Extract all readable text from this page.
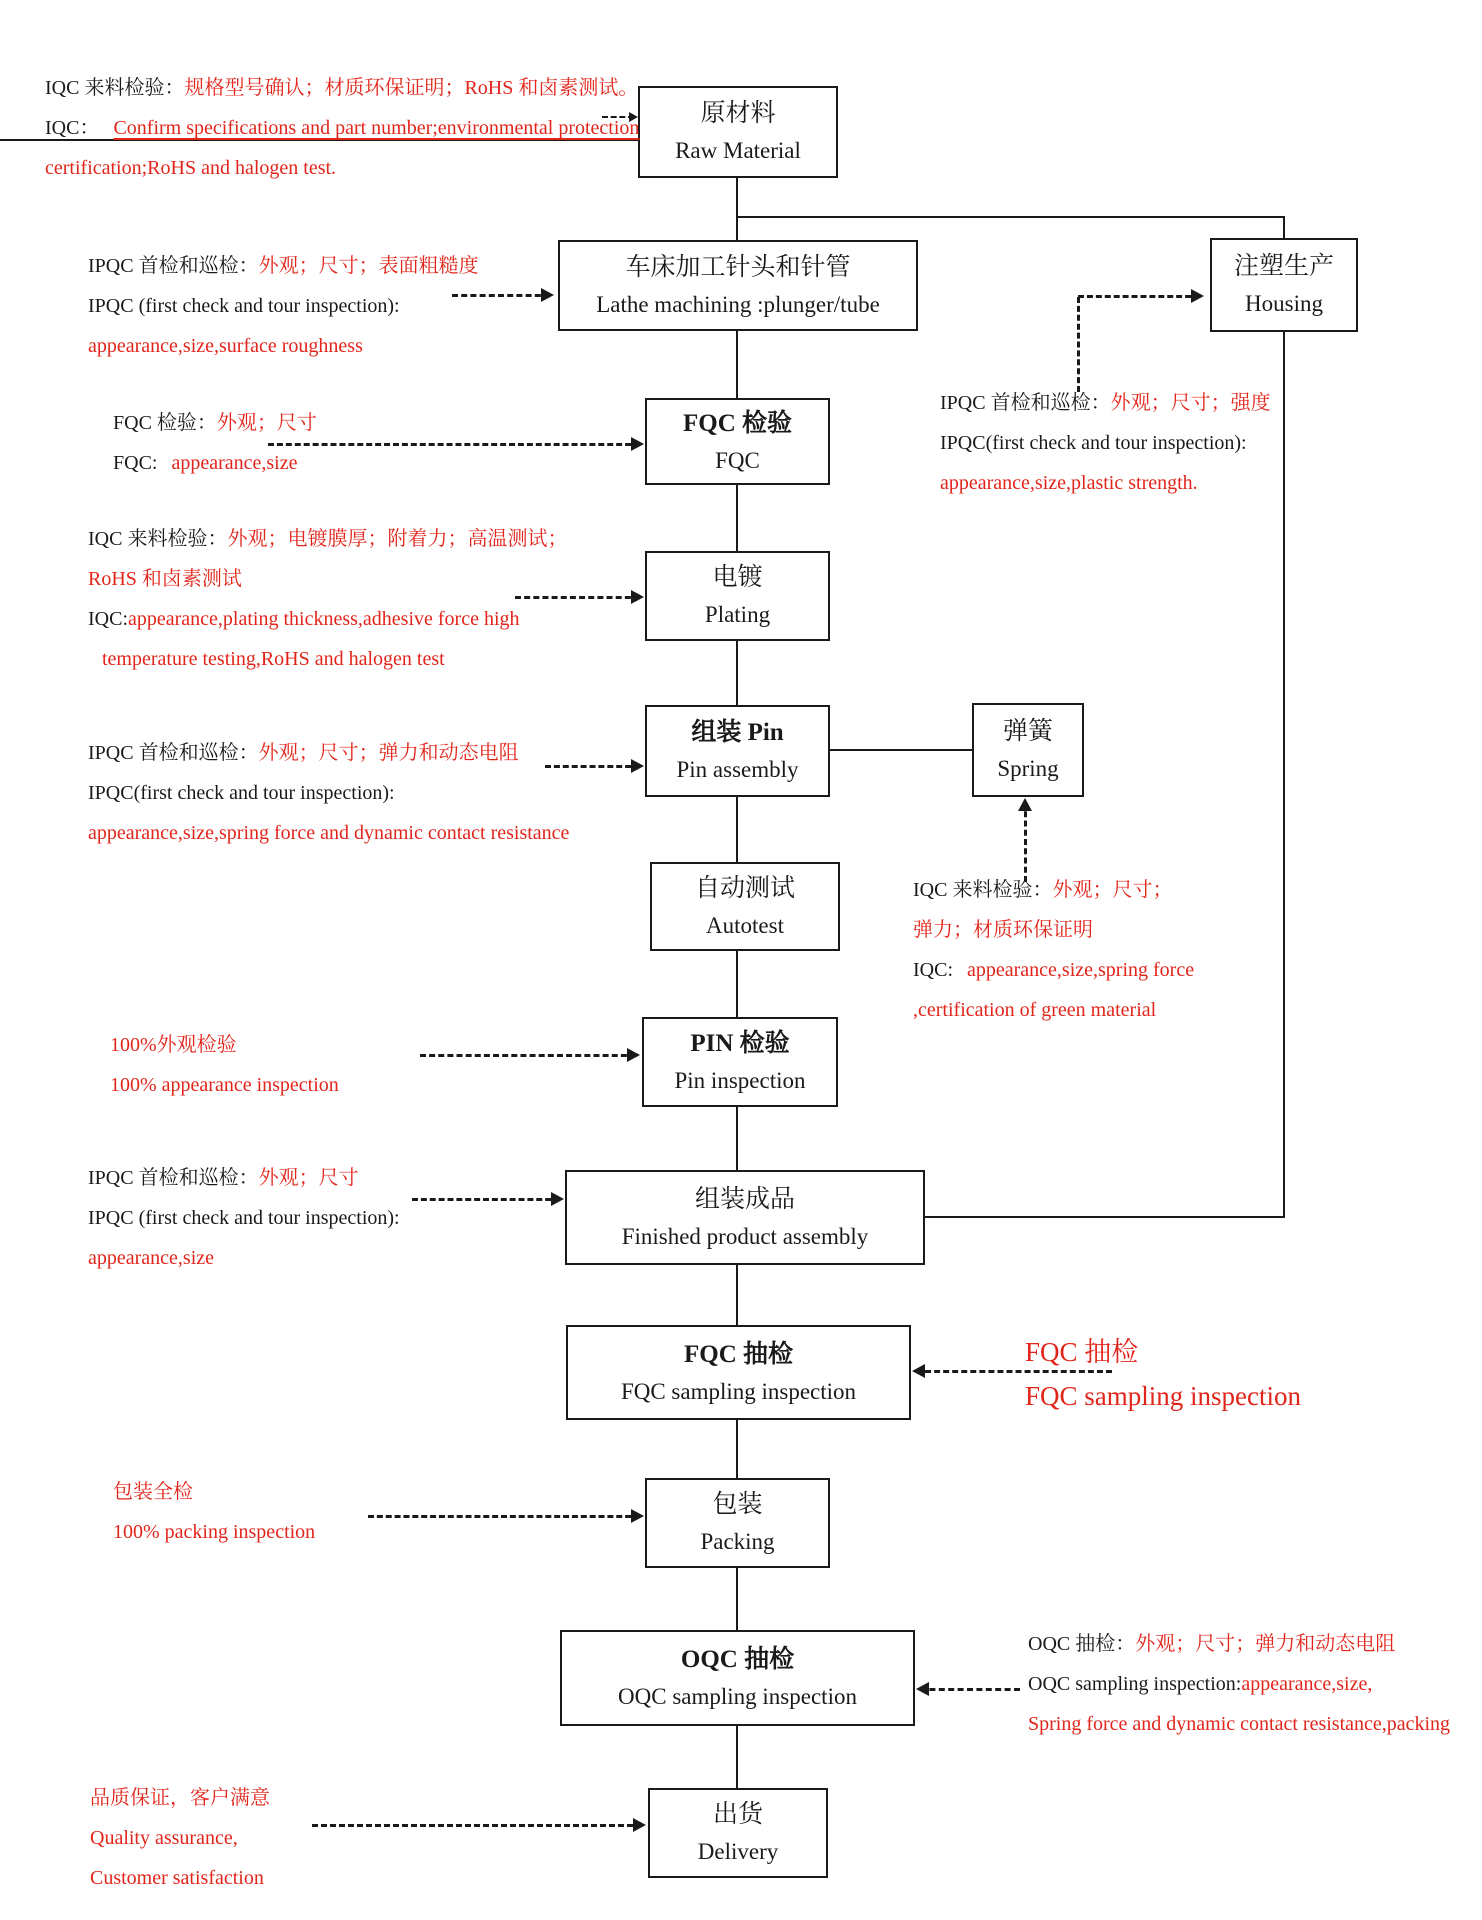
原材料
Raw Material
车床加工针头和针管
Lathe machining :plunger/tube
注塑生产
Housing
FQC 检验
FQC
电镀
Plating
组装 Pin
Pin assembly
弹簧
Spring
自动测试
Autotest
PIN 检验
Pin inspection
组装成品
Finished product assembly
FQC 抽检
FQC sampling inspection
包装
Packing
OQC 抽检
OQC sampling inspection
出货
Delivery
IQC 来料检验：规格型号确认；材质环保证明；RoHS 和卤素测试。
IQC： Confirm specifications and part number;environmental protection
certification;RoHS and halogen test.
IPQC 首检和巡检：外观；尺寸；表面粗糙度
IPQC (first check and tour inspection):
appearance,size,surface roughness
FQC 检验：外观；尺寸
FQC: appearance,size
IPQC 首检和巡检：外观；尺寸；强度
IPQC(first check and tour inspection):
appearance,size,plastic strength.
IQC 来料检验：外观；电镀膜厚；附着力；高温测试；
RoHS 和卤素测试
IQC:appearance,plating thickness,adhesive force high
temperature testing,RoHS and halogen test
IPQC 首检和巡检：外观；尺寸；弹力和动态电阻
IPQC(first check and tour inspection):
appearance,size,spring force and dynamic contact resistance
IQC 来料检验：外观；尺寸；
弹力；材质环保证明
IQC: appearance,size,spring force
,certification of green material
100%外观检验
100% appearance inspection
IPQC 首检和巡检：外观；尺寸
IPQC (first check and tour inspection):
appearance,size
FQC 抽检
FQC sampling inspection
包装全检
100% packing inspection
OQC 抽检：外观；尺寸；弹力和动态电阻
OQC sampling inspection:appearance,size,
Spring force and dynamic contact resistance,packing
品质保证，客户满意
Quality assurance,
Customer satisfaction
